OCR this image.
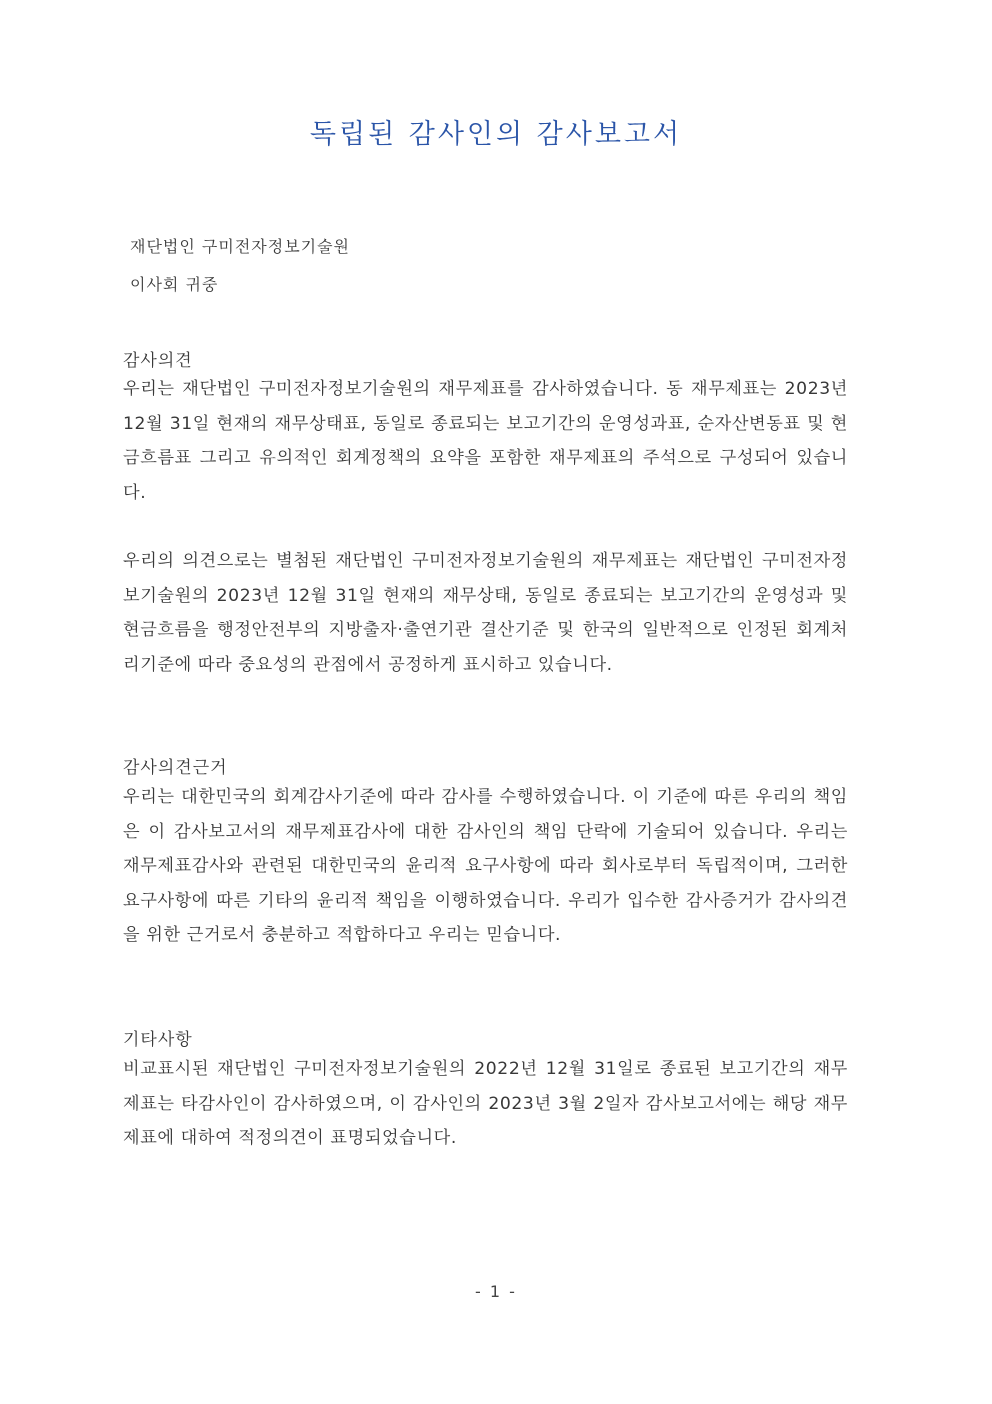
독립된 감사인의 감사보고서
재단법인 구미전자정보기술원
이사회 귀중
감사의견
우리는 재단법인 구미전자정보기술원의 재무제표를 감사하였습니다. 동 재무제표는 2023년 12월 31일 현재의 재무상태표, 동일로 종료되는 보고기간의 운영성과표, 순자산변동표 및 현금흐름표 그리고 유의적인 회계정책의 요약을 포함한 재무제표의 주석으로 구성되어 있습니다.
우리의 의견으로는 별첨된 재단법인 구미전자정보기술원의 재무제표는 재단법인 구미전자정보기술원의 2023년 12월 31일 현재의 재무상태, 동일로 종료되는 보고기간의 운영성과 및 현금흐름을 행정안전부의 지방출자·출연기관 결산기준 및 한국의 일반적으로 인정된 회계처리기준에 따라 중요성의 관점에서 공정하게 표시하고 있습니다.
감사의견근거
우리는 대한민국의 회계감사기준에 따라 감사를 수행하였습니다. 이 기준에 따른 우리의 책임은 이 감사보고서의 재무제표감사에 대한 감사인의 책임 단락에 기술되어 있습니다. 우리는 재무제표감사와 관련된 대한민국의 윤리적 요구사항에 따라 회사로부터 독립적이며, 그러한 요구사항에 따른 기타의 윤리적 책임을 이행하였습니다. 우리가 입수한 감사증거가 감사의견을 위한 근거로서 충분하고 적합하다고 우리는 믿습니다.
기타사항
비교표시된 재단법인 구미전자정보기술원의 2022년 12월 31일로 종료된 보고기간의 재무제표는 타감사인이 감사하였으며, 이 감사인의 2023년 3월 2일자 감사보고서에는 해당 재무제표에 대하여 적정의견이 표명되었습니다.
- 1 -
